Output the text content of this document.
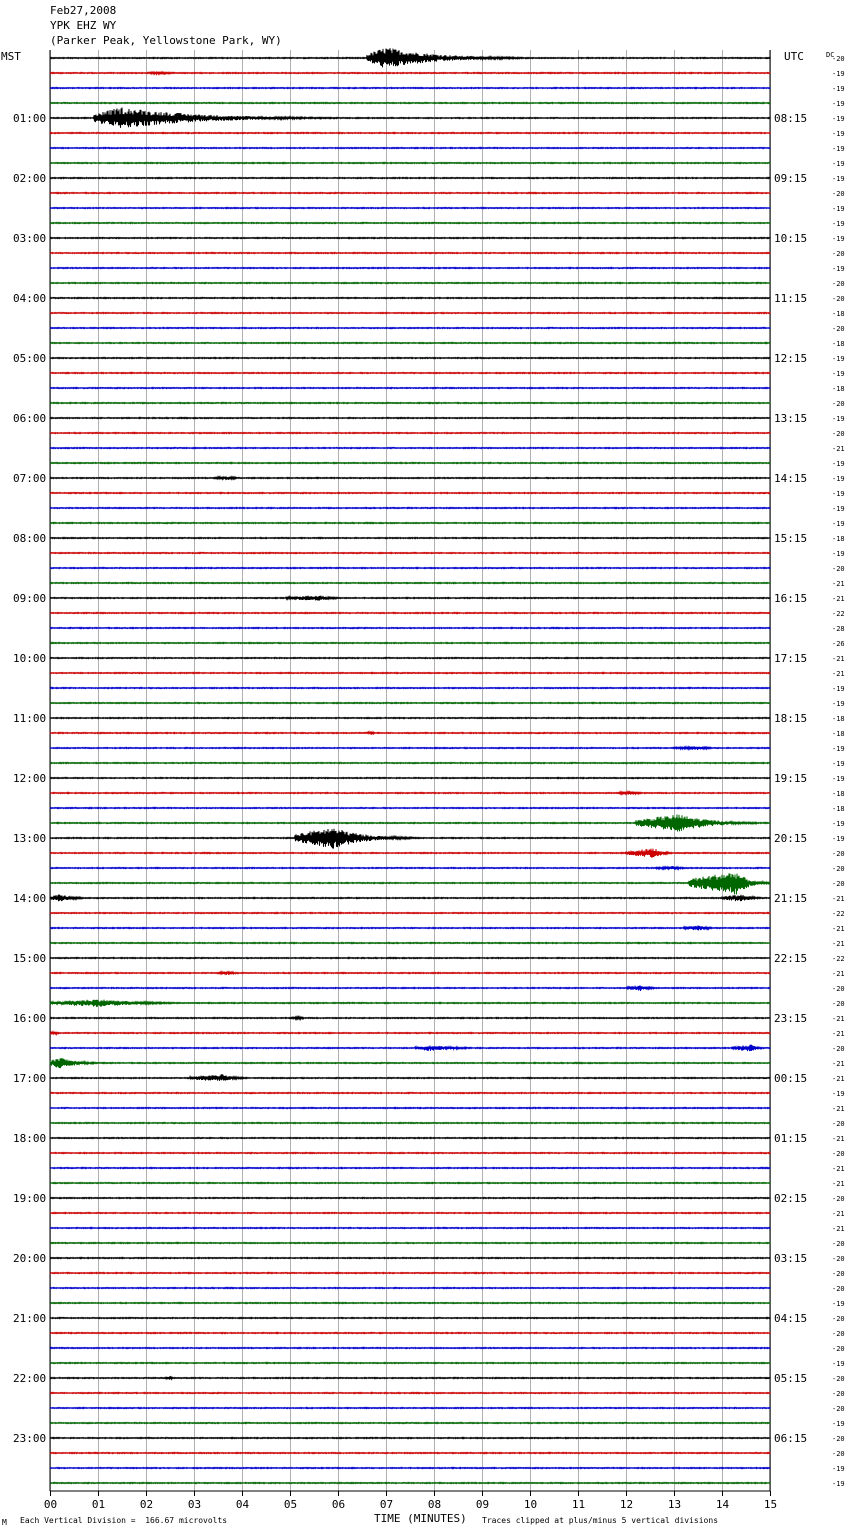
Feb27,2008
YPK EHZ WY
(Parker Peak, Yellowstone Park, WY)
MST	UTC	DC
01:00
02:00
03:00
04:00
05:00
06:00
07:00
08:00
09:00
10:00
11:00
12:00
13:00
14:00
15:00
16:00
17:00
18:00
19:00
20:00
21:00
22:00
23:00
08:15
09:15
10:15
11:15
12:15
13:15
14:15
15:15
16:15
17:15
18:15
19:15
20:15
21:15
22:15
23:15
00:15
01:15
02:15
03:15
04:15
05:15
06:15
-20
-19
-19
-19
-19
-19
-19
-19
-19
-20
-19
-19
-19
-20
-19
-20
-20
-18
-20
-18
-19
-19
-18
-20
-19
-20
-21
-19
-19
-19
-19
-19
-18
-19
-20
-21
-21
-22
-28
-26
-21
-21
-19
-19
-18
-18
-19
-19
-19
-18
-18
-19
-19
-20
-20
-20
-21
-22
-21
-21
-22
-21
-20
-20
-21
-21
-20
-21
-21
-19
-21
-20
-21
-20
-21
-21
-20
-21
-21
-20
-20
-20
-20
-19
-20
-20
-20
-19
-20
-20
-20
-19
-20
-20
-19
-19
00	01	02	03	04	05	06	07	08	09	10	11	12	13	14	15
TIME (MINUTES)
M Each Vertical Division =  166.67 microvolts	Traces clipped at plus/minus 5 vertical divisions
